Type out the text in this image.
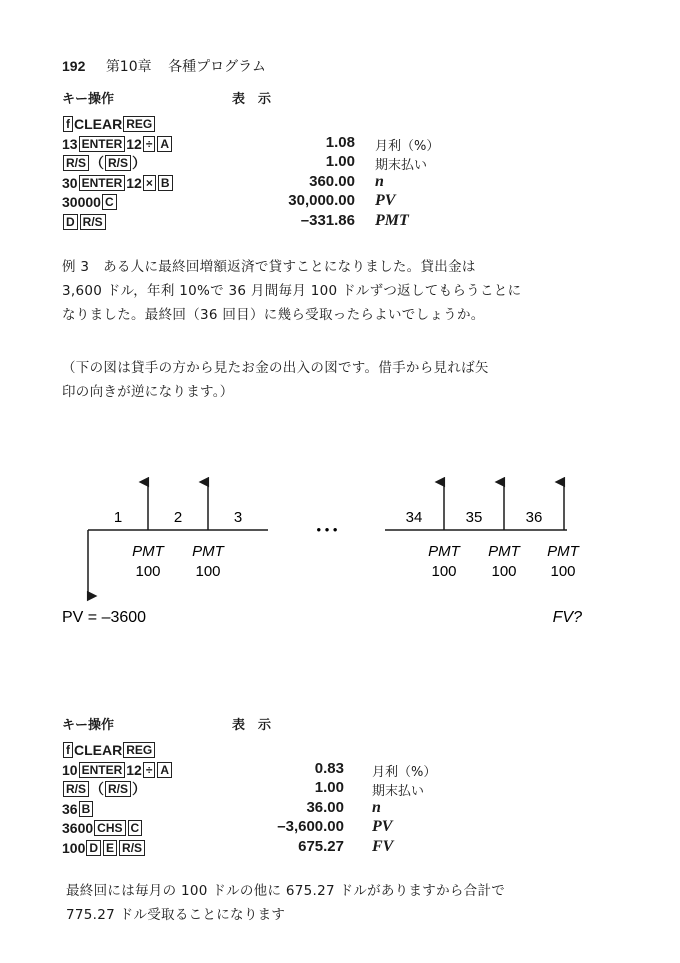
192 第10章 各種プログラム
キー操作	表　示
f CLEAR REG
13 ENTER 12 ÷ A	1.08 月利（%）
R/S （ R/S ）	1.00 期末払い
30 ENTER 12 × B	360.00 n
30000 C	30,000.00 PV
D R/S	–331.86 PMT
例 3　ある人に最終回増額返済で貸すことになりました。貸出金は
3,600 ドル，年利 10%で 36 月間毎月 100 ドルずつ返してもらうことに
なりました。最終回（36 回目）に幾ら受取ったらよいでしょうか。
（下の図は貸手の方から見たお金の出入の図です。借手から見れば矢
印の向きが逆になります。）
1	2	3	34	35	36
• • •
PMT PMT	PMT PMT PMT
100 100	100 100 100
PV = –3600	FV?
キー操作	表　示
f CLEAR REG
10 ENTER 12 ÷ A	0.83 月利（%）
R/S （ R/S ）	1.00 期末払い
36 B	36.00 n
3600 CHS C	–3,600.00 PV
100 D E R/S	675.27 FV
最終回には毎月の 100 ドルの他に 675.27 ドルがありますから合計で
775.27 ドル受取ることになります
